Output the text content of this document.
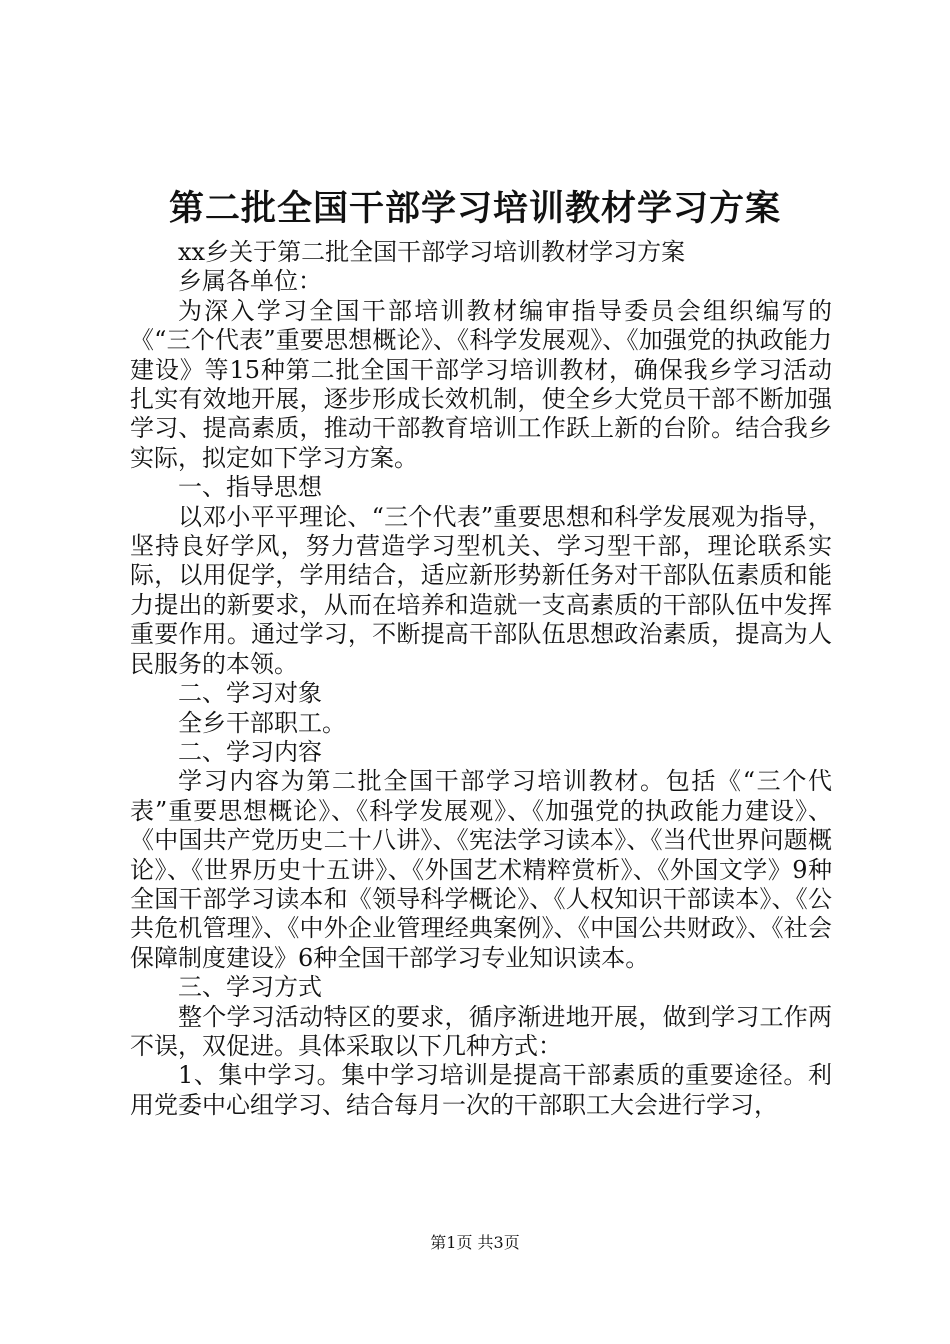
第二批全国干部学习培训教材学习方案

xx乡关于第二批全国干部学习培训教材学习方案

乡属各单位：

为深入学习全国干部培训教材编审指导委员会组织编写的《“三个代表”重要思想概论》、《科学发展观》、《加强党的执政能力建设》等15种第二批全国干部学习培训教材，确保我乡学习活动扎实有效地开展，逐步形成长效机制，使全乡大党员干部不断加强学习、提高素质，推动干部教育培训工作跃上新的台阶。结合我乡实际，拟定如下学习方案。

一、指导思想

以邓小平平理论、“三个代表”重要思想和科学发展观为指导，坚持良好学风，努力营造学习型机关、学习型干部，理论联系实际，以用促学，学用结合，适应新形势新任务对干部队伍素质和能力提出的新要求，从而在培养和造就一支高素质的干部队伍中发挥重要作用。通过学习，不断提高干部队伍思想政治素质，提高为人民服务的本领。

二、学习对象

全乡干部职工。

二、学习内容

学习内容为第二批全国干部学习培训教材。包括《“三个代表”重要思想概论》、《科学发展观》、《加强党的执政能力建设》、《中国共产党历史二十八讲》、《宪法学习读本》、《当代世界问题概论》、《世界历史十五讲》、《外国艺术精粹赏析》、《外国文学》9种全国干部学习读本和《领导科学概论》、《人权知识干部读本》、《公共危机管理》、《中外企业管理经典案例》、《中国公共财政》、《社会保障制度建设》6种全国干部学习专业知识读本。

三、学习方式

整个学习活动特区的要求，循序渐进地开展，做到学习工作两不误，双促进。具体采取以下几种方式：

1、集中学习。集中学习培训是提高干部素质的重要途径。利用党委中心组学习、结合每月一次的干部职工大会进行学习，

第1页 共3页
